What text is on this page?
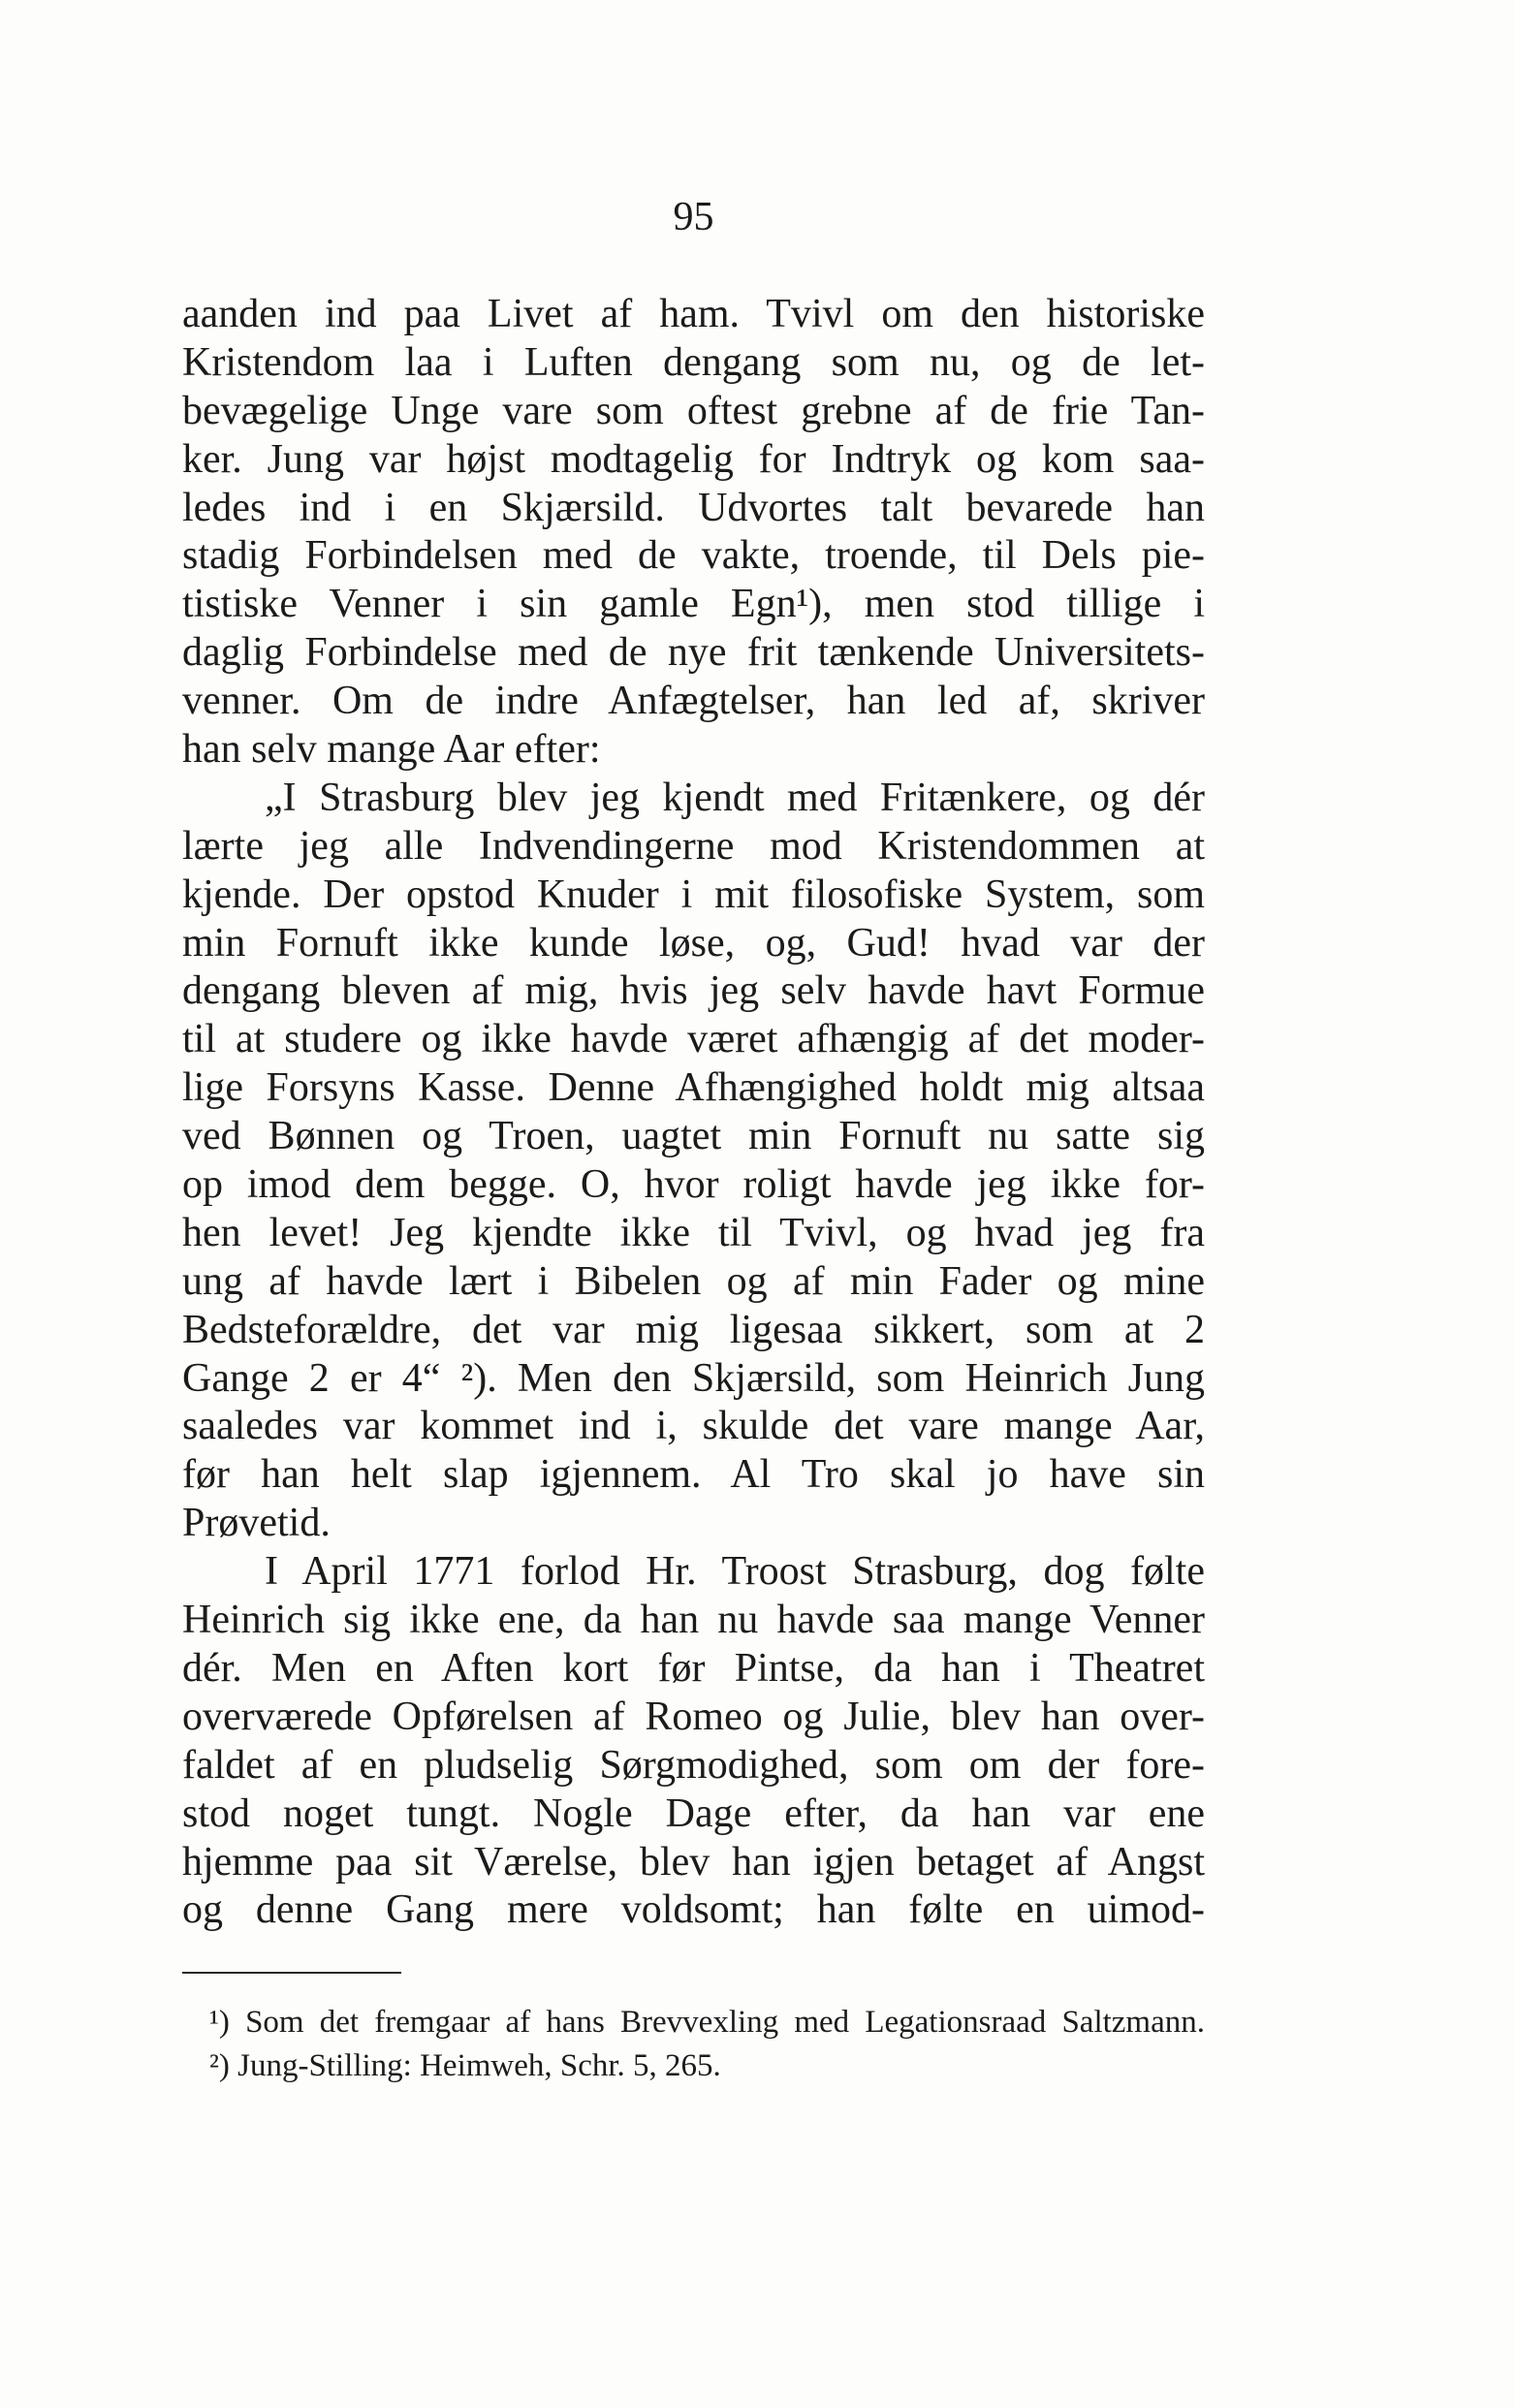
95
aanden ind paa Livet af ham. Tvivl om den historiske
Kristendom laa i Luften dengang som nu, og de let-
bevægelige Unge vare som oftest grebne af de frie Tan-
ker. Jung var højst modtagelig for Indtryk og kom saa-
ledes ind i en Skjærsild. Udvortes talt bevarede han
stadig Forbindelsen med de vakte, troende, til Dels pie-
tistiske Venner i sin gamle Egn¹), men stod tillige i
daglig Forbindelse med de nye frit tænkende Universitets-
venner. Om de indre Anfægtelser, han led af, skriver
han selv mange Aar efter:
„I Strasburg blev jeg kjendt med Fritænkere, og dér
lærte jeg alle Indvendingerne mod Kristendommen at
kjende. Der opstod Knuder i mit filosofiske System, som
min Fornuft ikke kunde løse, og, Gud! hvad var der
dengang bleven af mig, hvis jeg selv havde havt Formue
til at studere og ikke havde været afhængig af det moder-
lige Forsyns Kasse. Denne Afhængighed holdt mig altsaa
ved Bønnen og Troen, uagtet min Fornuft nu satte sig
op imod dem begge. O, hvor roligt havde jeg ikke for-
hen levet! Jeg kjendte ikke til Tvivl, og hvad jeg fra
ung af havde lært i Bibelen og af min Fader og mine
Bedsteforældre, det var mig ligesaa sikkert, som at 2
Gange 2 er 4“ ²). Men den Skjærsild, som Heinrich Jung
saaledes var kommet ind i, skulde det vare mange Aar,
før han helt slap igjennem. Al Tro skal jo have sin
Prøvetid.
I April 1771 forlod Hr. Troost Strasburg, dog følte
Heinrich sig ikke ene, da han nu havde saa mange Venner
dér. Men en Aften kort før Pintse, da han i Theatret
overværede Opførelsen af Romeo og Julie, blev han over-
faldet af en pludselig Sørgmodighed, som om der fore-
stod noget tungt. Nogle Dage efter, da han var ene
hjemme paa sit Værelse, blev han igjen betaget af Angst
og denne Gang mere voldsomt; han følte en uimod-
¹) Som det fremgaar af hans Brevvexling med Legationsraad Saltzmann.
²) Jung-Stilling: Heimweh, Schr. 5, 265.
